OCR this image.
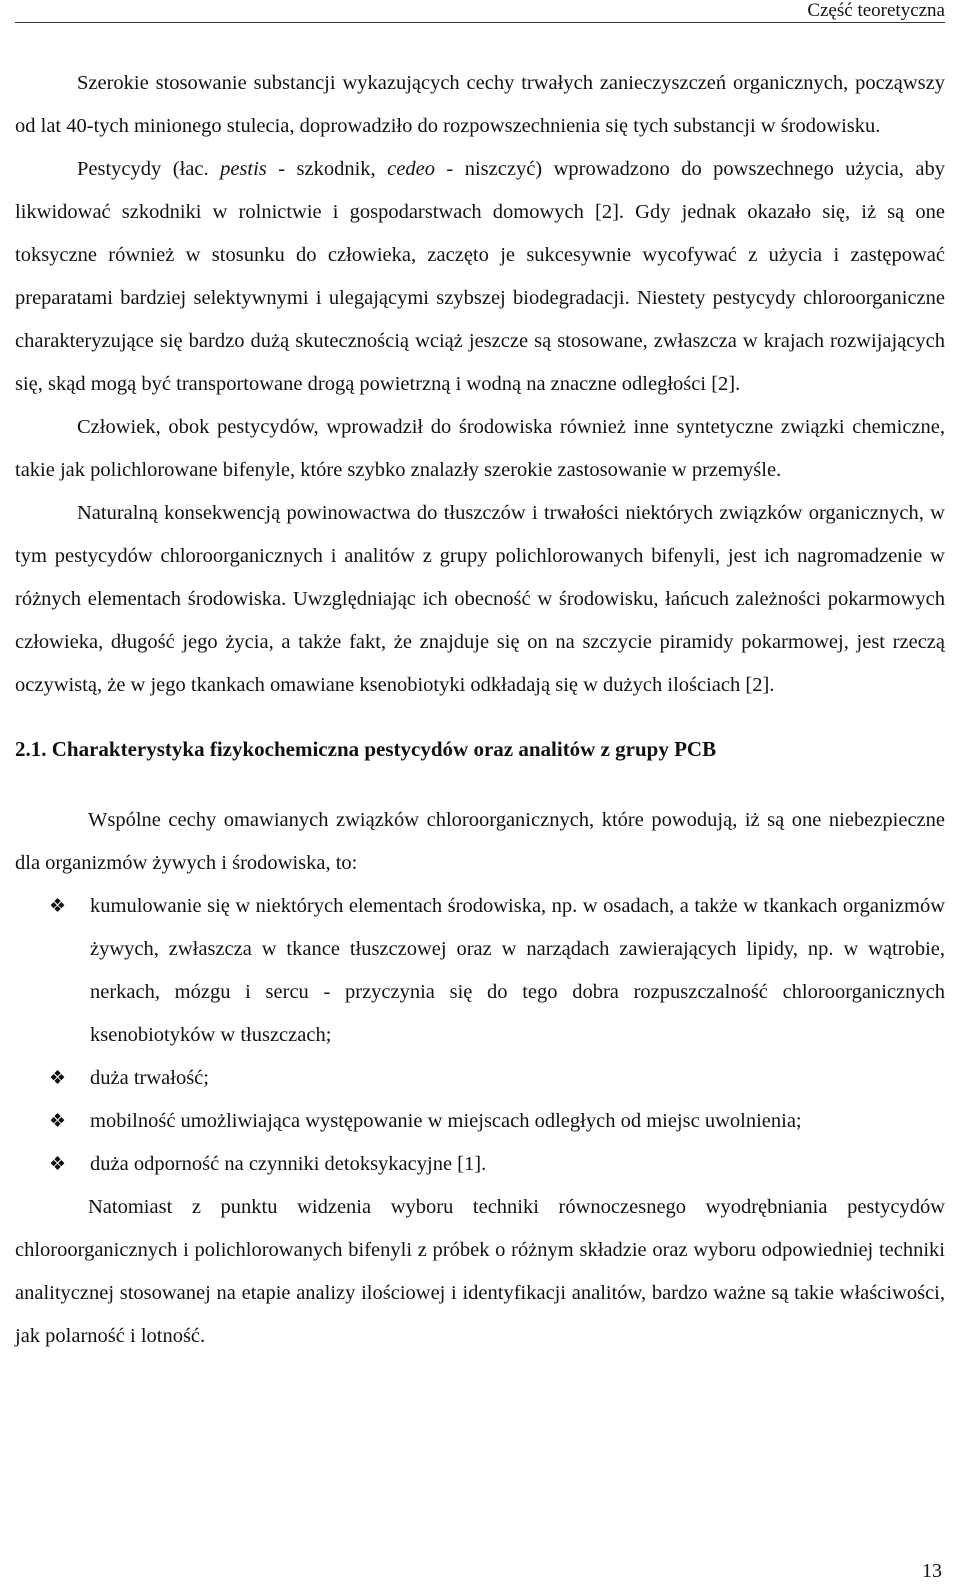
Część teoretyczna

Szerokie stosowanie substancji wykazujących cechy trwałych zanieczyszczeń organicznych, począwszy od lat 40-tych minionego stulecia, doprowadziło do rozpowszechnienia się tych substancji w środowisku.

Pestycydy (łac. pestis - szkodnik, cedeo - niszczyć) wprowadzono do powszechnego użycia, aby likwidować szkodniki w rolnictwie i gospodarstwach domowych [2]. Gdy jednak okazało się, iż są one toksyczne również w stosunku do człowieka, zaczęto je sukcesywnie wycofywać z użycia i zastępować preparatami bardziej selektywnymi i ulegającymi szybszej biodegradacji. Niestety pestycydy chloroorganiczne charakteryzujące się bardzo dużą skutecznością wciąż jeszcze są stosowane, zwłaszcza w krajach rozwijających się, skąd mogą być transportowane drogą powietrzną i wodną na znaczne odległości [2].

Człowiek, obok pestycydów, wprowadził do środowiska również inne syntetyczne związki chemiczne, takie jak polichlorowane bifenyle, które szybko znalazły szerokie zastosowanie w przemyśle.

Naturalną konsekwencją powinowactwa do tłuszczów i trwałości niektórych związków organicznych, w tym pestycydów chloroorganicznych i analitów z grupy polichlorowanych bifenyli, jest ich nagromadzenie w różnych elementach środowiska. Uwzględniając ich obecność w środowisku, łańcuch zależności pokarmowych człowieka, długość jego życia, a także fakt, że znajduje się on na szczycie piramidy pokarmowej, jest rzeczą oczywistą, że w jego tkankach omawiane ksenobiotyki odkładają się w dużych ilościach [2].

2.1. Charakterystyka fizykochemiczna pestycydów oraz analitów z grupy PCB

Wspólne cechy omawianych związków chloroorganicznych, które powodują, iż są one niebezpieczne dla organizmów żywych i środowiska, to:

❖ kumulowanie się w niektórych elementach środowiska, np. w osadach, a także w tkankach organizmów żywych, zwłaszcza w tkance tłuszczowej oraz w narządach zawierających lipidy, np. w wątrobie, nerkach, mózgu i sercu - przyczynia się do tego dobra rozpuszczalność chloroorganicznych ksenobiotyków w tłuszczach;
❖ duża trwałość;
❖ mobilność umożliwiająca występowanie w miejscach odległych od miejsc uwolnienia;
❖ duża odporność na czynniki detoksykacyjne [1].

Natomiast z punktu widzenia wyboru techniki równoczesnego wyodrębniania pestycydów chloroorganicznych i polichlorowanych bifenyli z próbek o różnym składzie oraz wyboru odpowiedniej techniki analitycznej stosowanej na etapie analizy ilościowej i identyfikacji analitów, bardzo ważne są takie właściwości, jak polarność i lotność.

13
